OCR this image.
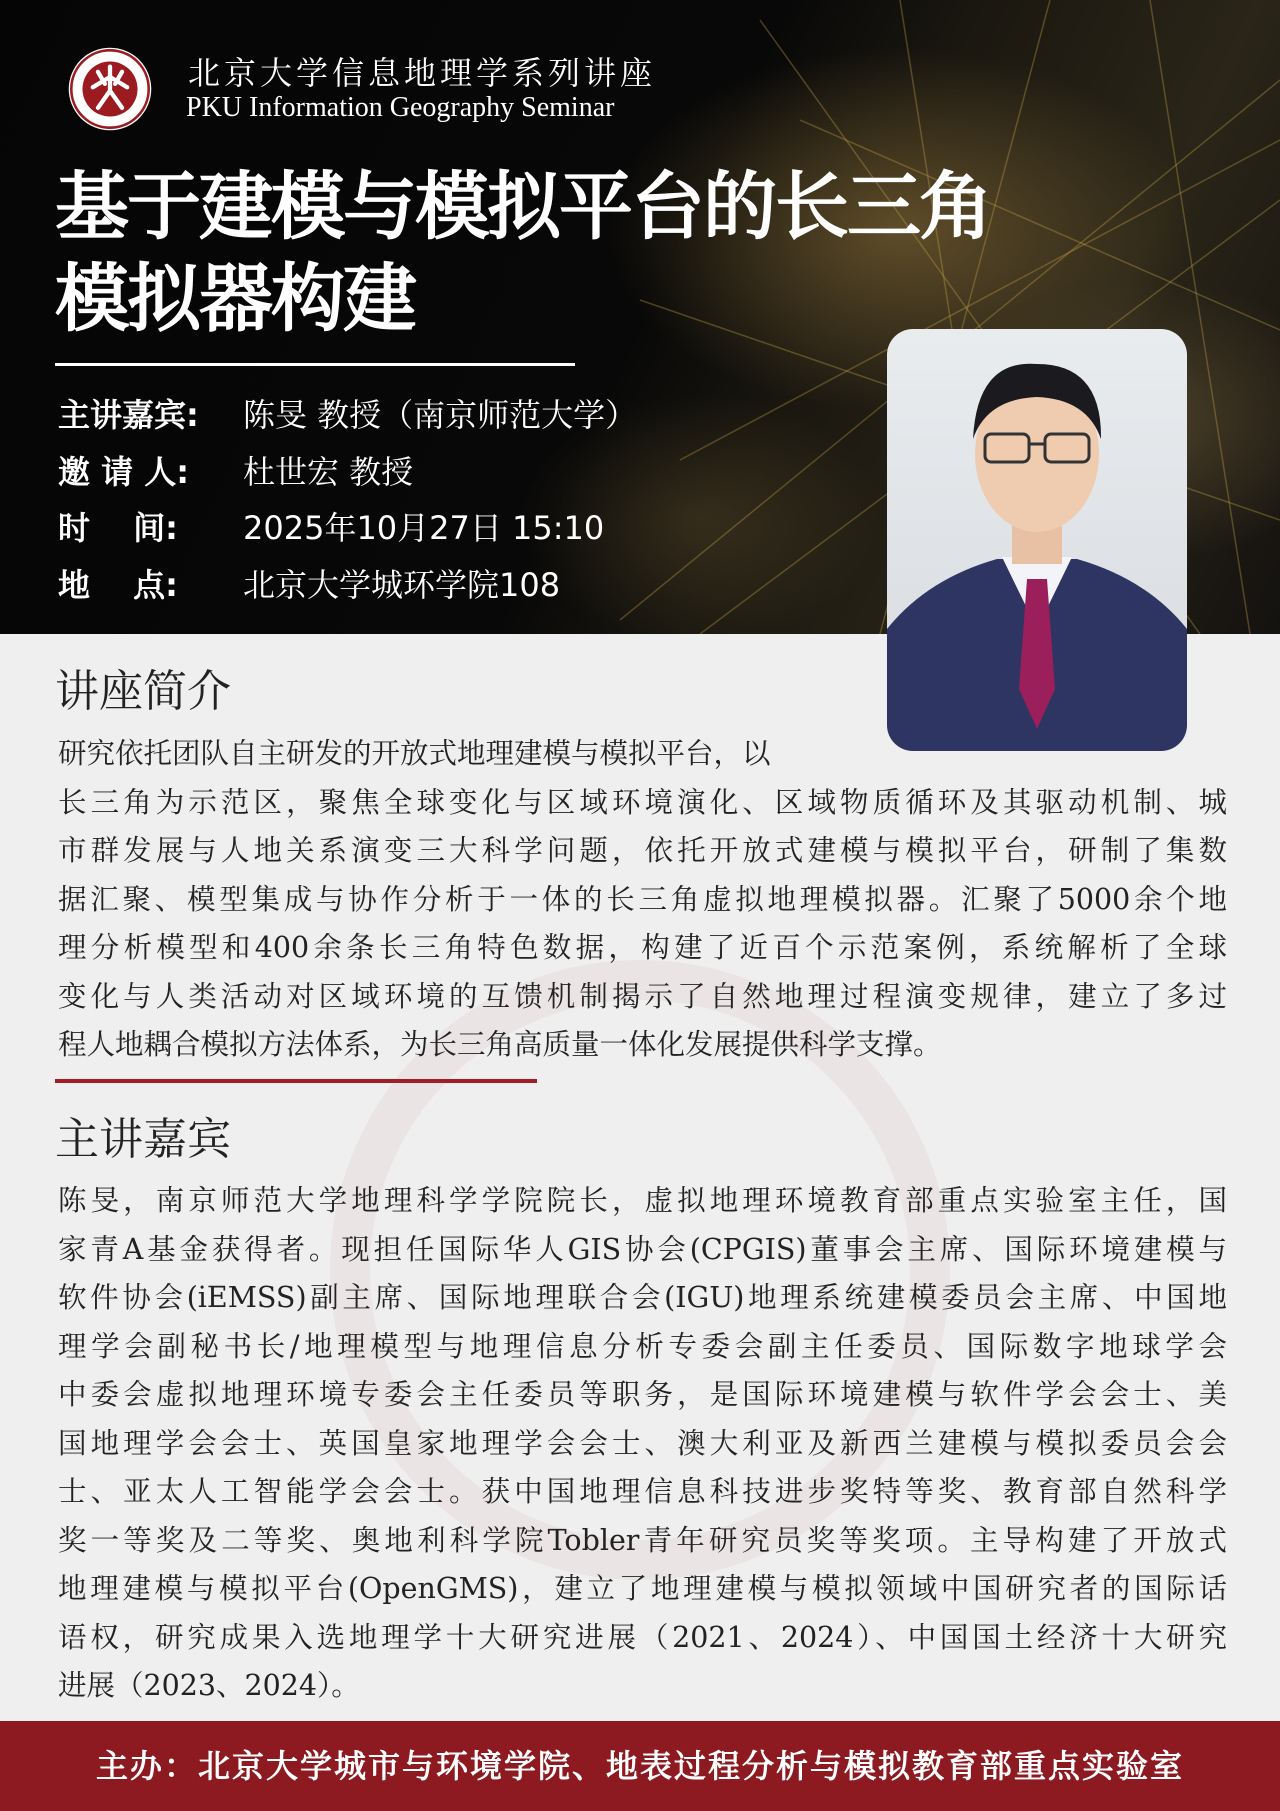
北京大学信息地理学系列讲座
PKU Information Geography Seminar
基于建模与模拟平台的长三角
模拟器构建
主讲嘉宾:	陈旻 教授（南京师范大学）
邀 请 人:	杜世宏 教授
时　 间:	2025年10月27日 15:10
地　 点:	北京大学城环学院108
讲座简介
研究依托团队自主研发的开放式地理建模与模拟平台，以
长三角为示范区，聚焦全球变化与区域环境演化、区域物质循环及其驱动机制、城
市群发展与人地关系演变三大科学问题，依托开放式建模与模拟平台，研制了集数
据汇聚、模型集成与协作分析于一体的长三角虚拟地理模拟器。汇聚了5000余个地
理分析模型和400余条长三角特色数据，构建了近百个示范案例，系统解析了全球
变化与人类活动对区域环境的互馈机制揭示了自然地理过程演变规律，建立了多过
程人地耦合模拟方法体系，为长三角高质量一体化发展提供科学支撑。
主讲嘉宾
陈旻，南京师范大学地理科学学院院长，虚拟地理环境教育部重点实验室主任，国
家青A基金获得者。现担任国际华人GIS协会(CPGIS)董事会主席、国际环境建模与
软件协会(iEMSS)副主席、国际地理联合会(IGU)地理系统建模委员会主席、中国地
理学会副秘书长/地理模型与地理信息分析专委会副主任委员、国际数字地球学会
中委会虚拟地理环境专委会主任委员等职务，是国际环境建模与软件学会会士、美
国地理学会会士、英国皇家地理学会会士、澳大利亚及新西兰建模与模拟委员会会
士、亚太人工智能学会会士。获中国地理信息科技进步奖特等奖、教育部自然科学
奖一等奖及二等奖、奥地利科学院Tobler青年研究员奖等奖项。主导构建了开放式
地理建模与模拟平台(OpenGMS)，建立了地理建模与模拟领域中国研究者的国际话
语权，研究成果入选地理学十大研究进展（2021、2024）、中国国土经济十大研究
进展（2023、2024）。
主办：北京大学城市与环境学院、地表过程分析与模拟教育部重点实验室
